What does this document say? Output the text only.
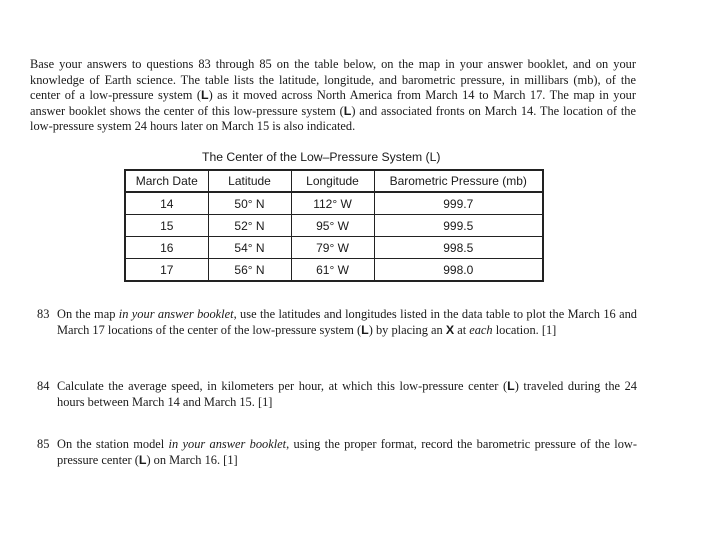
Base your answers to questions 83 through 85 on the table below, on the map in your answer booklet, and on your knowledge of Earth science. The table lists the latitude, longitude, and barometric pressure, in millibars (mb), of the center of a low-pressure system (L) as it moved across North America from March 14 to March 17. The map in your answer booklet shows the center of this low-pressure system (L) and associated fronts on March 14. The location of the low-pressure system 24 hours later on March 15 is also indicated.
The Center of the Low–Pressure System (L)
March Date	Latitude	Longitude	Barometric Pressure (mb)
14	50° N	112° W	999.7
15	52° N	95° W	999.5
16	54° N	79° W	998.5
17	56° N	61° W	998.0
83 On the map in your answer booklet, use the latitudes and longitudes listed in the data table to plot the March 16 and March 17 locations of the center of the low-pressure system (L) by placing an X at each location. [1]
84 Calculate the average speed, in kilometers per hour, at which this low-pressure center (L) traveled during the 24 hours between March 14 and March 15. [1]
85 On the station model in your answer booklet, using the proper format, record the barometric pressure of the low-pressure center (L) on March 16. [1]
